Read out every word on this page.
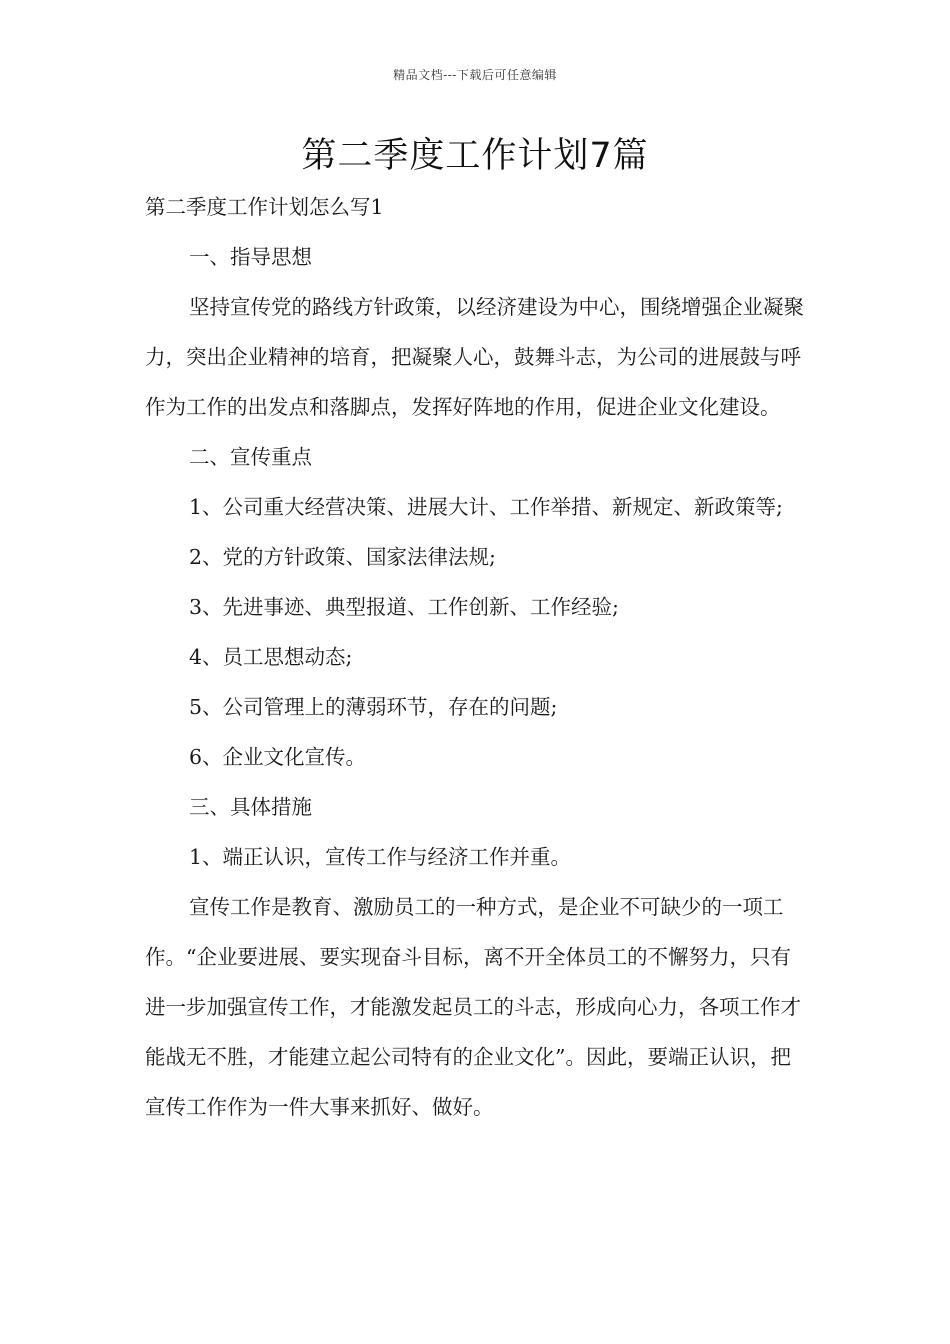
精品文档---下载后可任意编辑
第二季度工作计划7篇

第二季度工作计划怎么写1

一、指导思想

坚持宣传党的路线方针政策，以经济建设为中心，围绕增强企业凝聚力，突出企业精神的培育，把凝聚人心，鼓舞斗志，为公司的进展鼓与呼作为工作的出发点和落脚点，发挥好阵地的作用，促进企业文化建设。

二、宣传重点

1、公司重大经营决策、进展大计、工作举措、新规定、新政策等;

2、党的方针政策、国家法律法规;

3、先进事迹、典型报道、工作创新、工作经验;

4、员工思想动态;

5、公司管理上的薄弱环节，存在的问题;

6、企业文化宣传。

三、具体措施

1、端正认识，宣传工作与经济工作并重。

宣传工作是教育、激励员工的一种方式，是企业不可缺少的一项工作。“企业要进展、要实现奋斗目标，离不开全体员工的不懈努力，只有进一步加强宣传工作，才能激发起员工的斗志，形成向心力，各项工作才能战无不胜，才能建立起公司特有的企业文化”。因此，要端正认识，把宣传工作作为一件大事来抓好、做好。
